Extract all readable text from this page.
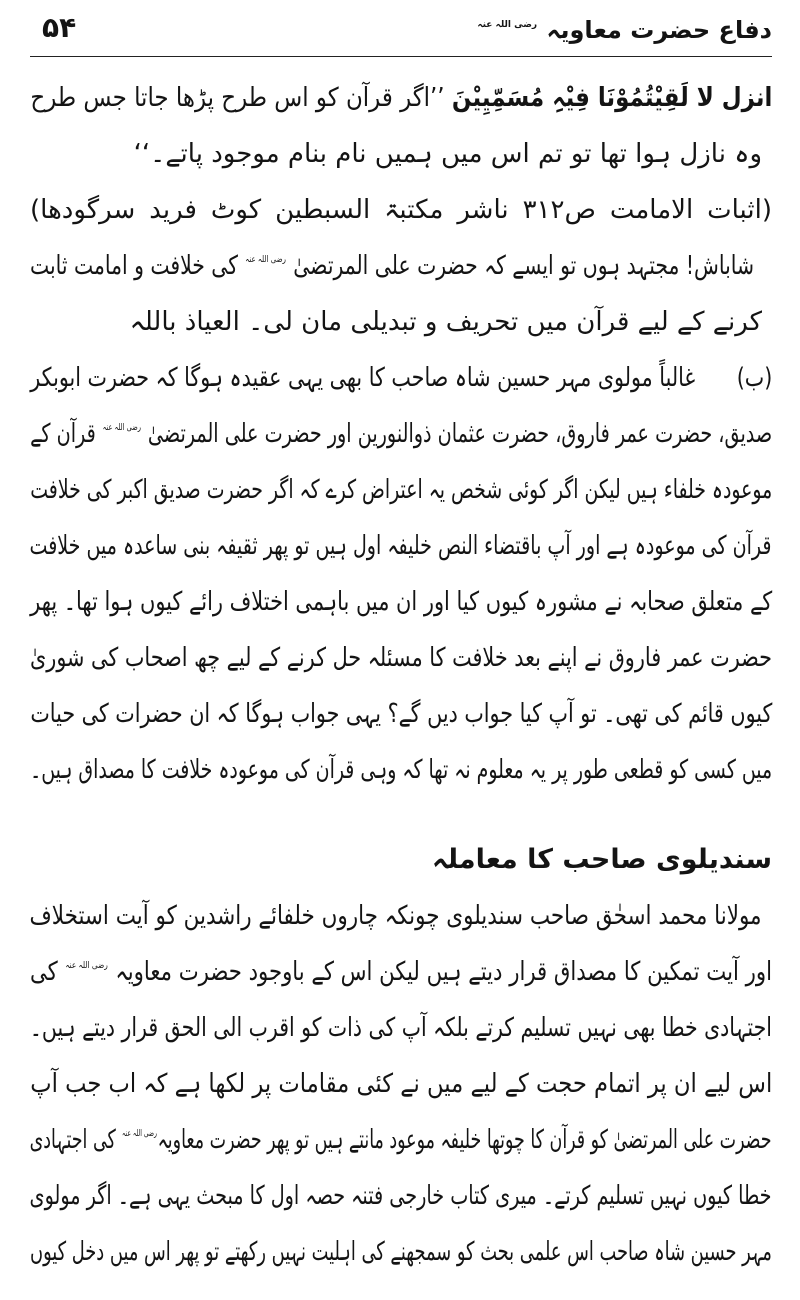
دفاع حضرت معاویہ رضی اللہ عنہ
۵۴
انزل لا لَقِیْتُمُوْنَا فِیْہِ مُسَمِّیِیْنَ ’’اگر قرآن کو اس طرح پڑھا جاتا جس طرح
وہ نازل ہوا تھا تو تم اس میں ہمیں نام بنام موجود پاتے۔‘‘
(اثبات الامامت ص۳۱۲ ناشر مکتبۃ السبطین کوٹ فرید سرگودھا)
شاباش! مجتہد ہوں تو ایسے کہ حضرت علی المرتضیٰ رضی اللہ عنہ کی خلافت و امامت ثابت
کرنے کے لیے قرآن میں تحریف و تبدیلی مان لی۔ العیاذ باللہ
(ب) غالباً مولوی مہر حسین شاہ صاحب کا بھی یہی عقیدہ ہوگا کہ حضرت ابوبکر
صدیق، حضرت عمر فاروق، حضرت عثمان ذوالنورین اور حضرت علی المرتضیٰ رضی اللہ عنہ قرآن کے
موعودہ خلفاء ہیں لیکن اگر کوئی شخص یہ اعتراض کرے کہ اگر حضرت صدیق اکبر کی خلافت
قرآن کی موعودہ ہے اور آپ باقتضاء النص خلیفہ اول ہیں تو پھر ثقیفہ بنی ساعدہ میں خلافت
کے متعلق صحابہ نے مشورہ کیوں کیا اور ان میں باہمی اختلاف رائے کیوں ہوا تھا۔ پھر
حضرت عمر فاروق نے اپنے بعد خلافت کا مسئلہ حل کرنے کے لیے چھ اصحاب کی شوریٰ
کیوں قائم کی تھی۔ تو آپ کیا جواب دیں گے؟ یہی جواب ہوگا کہ ان حضرات کی حیات
میں کسی کو قطعی طور پر یہ معلوم نہ تھا کہ وہی قرآن کی موعودہ خلافت کا مصداق ہیں۔
سندیلوی صاحب کا معاملہ
مولانا محمد اسحٰق صاحب سندیلوی چونکہ چاروں خلفائے راشدین کو آیت استخلاف
اور آیت تمکین کا مصداق قرار دیتے ہیں لیکن اس کے باوجود حضرت معاویہ رضی اللہ عنہ کی
اجتہادی خطا بھی نہیں تسلیم کرتے بلکہ آپ کی ذات کو اقرب الی الحق قرار دیتے ہیں۔
اس لیے ان پر اتمام حجت کے لیے میں نے کئی مقامات پر لکھا ہے کہ اب جب آپ
حضرت علی المرتضیٰ کو قرآن کا چوتھا خلیفہ موعود مانتے ہیں تو پھر حضرت معاویہرضی اللہ عنہ کی اجتہادی
خطا کیوں نہیں تسلیم کرتے۔ میری کتاب خارجی فتنہ حصہ اول کا مبحث یہی ہے۔ اگر مولوی
مہر حسین شاہ صاحب اس علمی بحث کو سمجھنے کی اہلیت نہیں رکھتے تو پھر اس میں دخل کیوں
